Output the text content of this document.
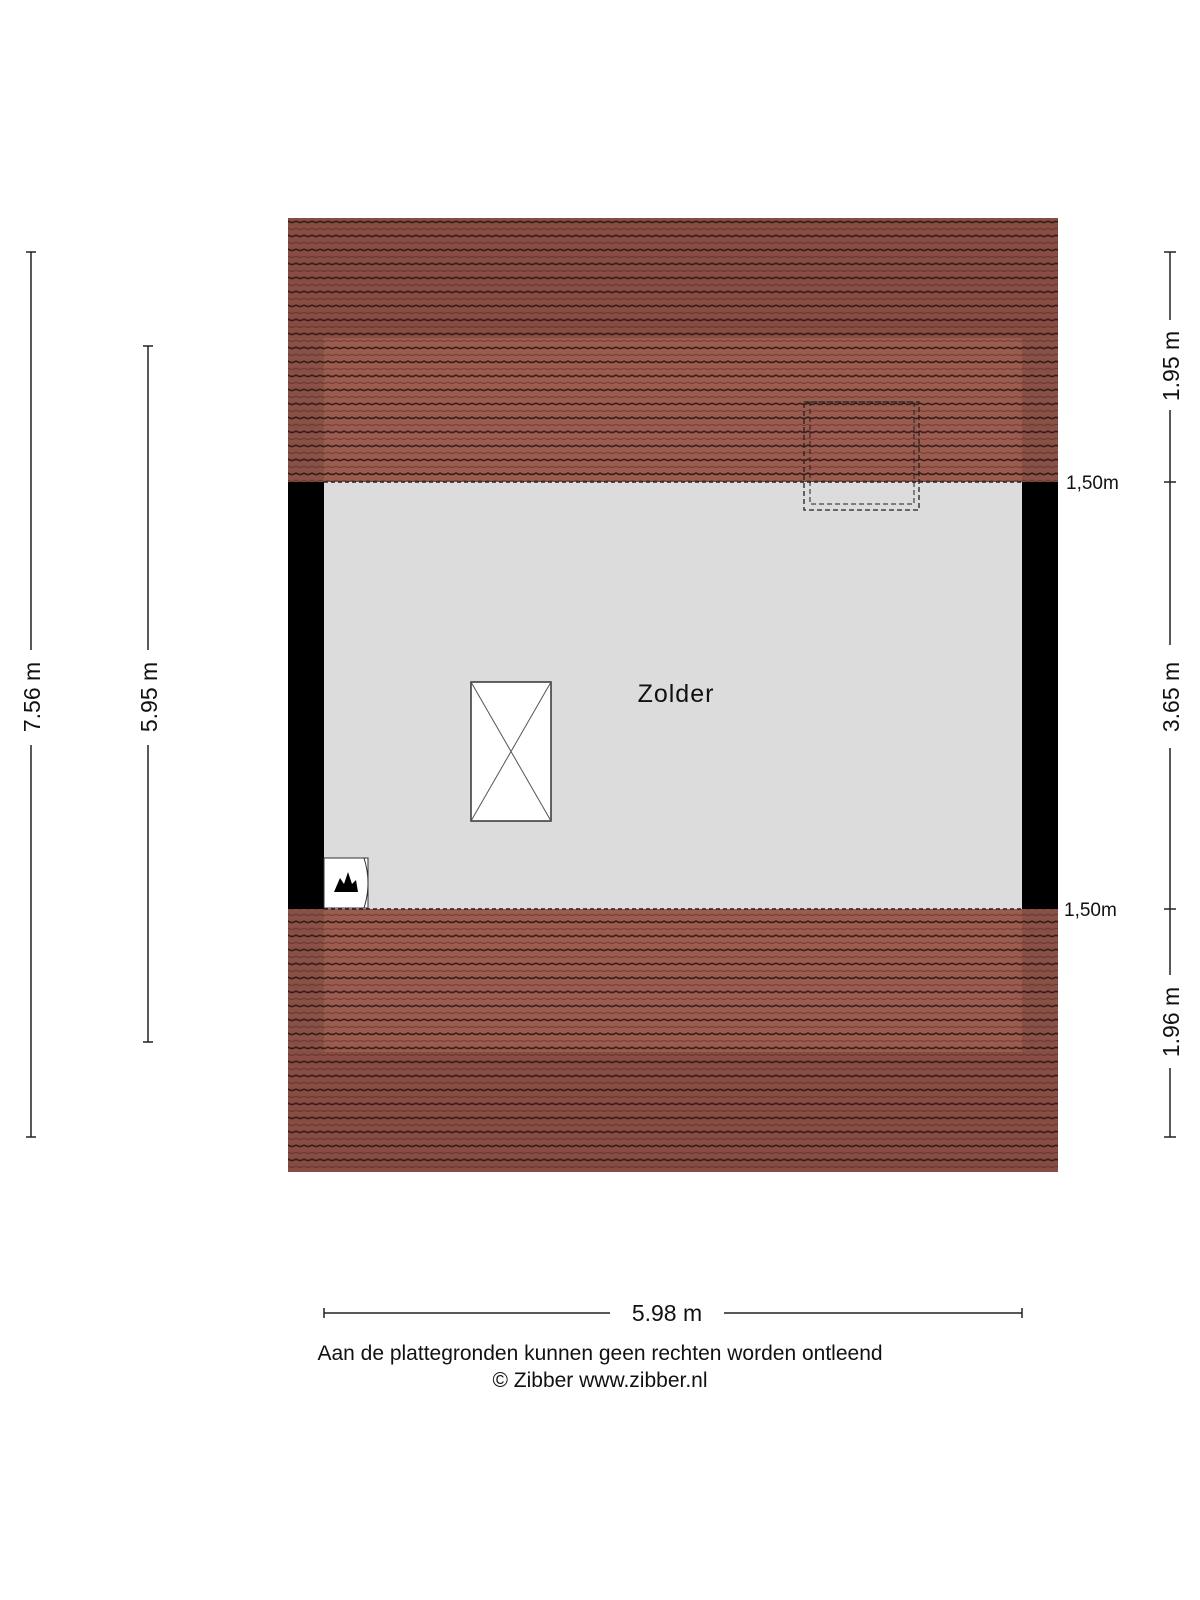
Zolder
7.56 m	5.95 m
1.95 m
3.65 m
1.96 m
1,50m
1,50m
5.98 m
Aan de plattegronden kunnen geen rechten worden ontleend
© Zibber www.zibber.nl
